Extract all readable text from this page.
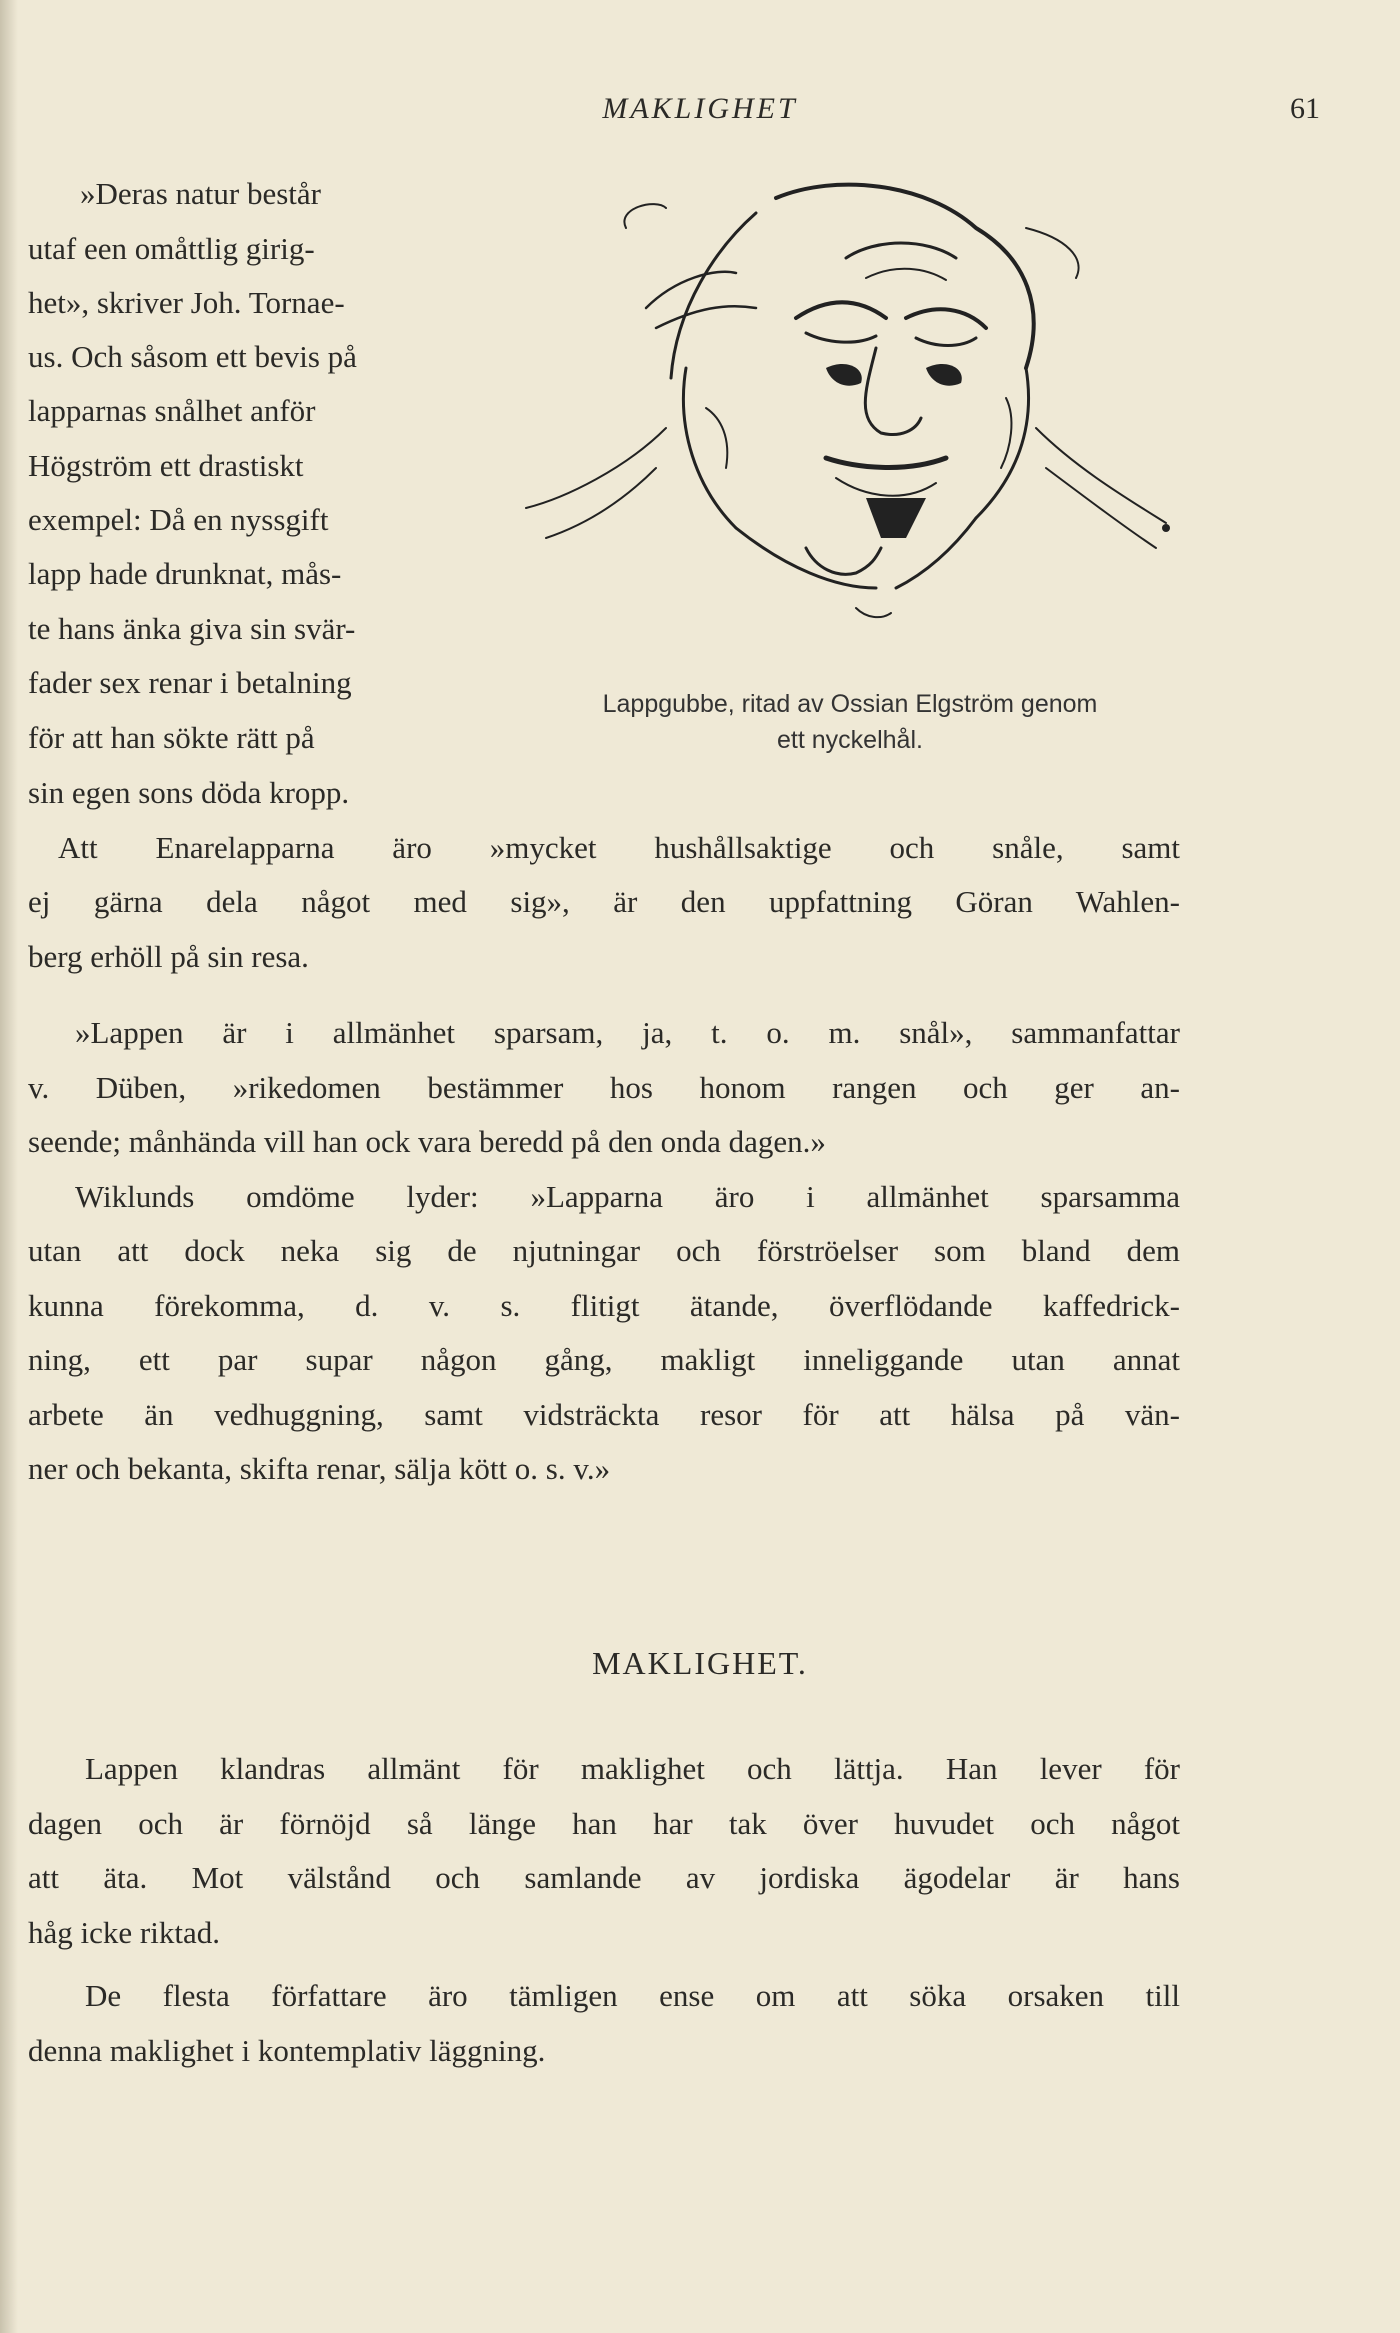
MAKLIGHET	61
»Deras natur består
utaf een omåttlig girig-
het», skriver Joh. Tornae-
us. Och såsom ett bevis på
lapparnas snålhet anför
Högström ett drastiskt
exempel: Då en nyssgift
lapp hade drunknat, mås-
te hans änka giva sin svär-
fader sex renar i betalning
för att han sökte rätt på
sin egen sons döda kropp.
Lappgubbe, ritad av Ossian Elgström genom
ett nyckelhål.
Att Enarelapparna äro »mycket hushållsaktige och snåle, samt
ej gärna dela något med sig», är den uppfattning Göran Wahlen-
berg erhöll på sin resa.
»Lappen är i allmänhet sparsam, ja, t. o. m. snål», sammanfattar
v. Düben, »rikedomen bestämmer hos honom rangen och ger an-
seende; månhända vill han ock vara beredd på den onda dagen.»
Wiklunds omdöme lyder: »Lapparna äro i allmänhet sparsamma
utan att dock neka sig de njutningar och förströelser som bland dem
kunna förekomma, d. v. s. flitigt ätande, överflödande kaffedrick-
ning, ett par supar någon gång, makligt inneliggande utan annat
arbete än vedhuggning, samt vidsträckta resor för att hälsa på vän-
ner och bekanta, skifta renar, sälja kött o. s. v.»
MAKLIGHET.
Lappen klandras allmänt för maklighet och lättja. Han lever för
dagen och är förnöjd så länge han har tak över huvudet och något
att äta. Mot välstånd och samlande av jordiska ägodelar är hans
håg icke riktad.
De flesta författare äro tämligen ense om att söka orsaken till
denna maklighet i kontemplativ läggning.
